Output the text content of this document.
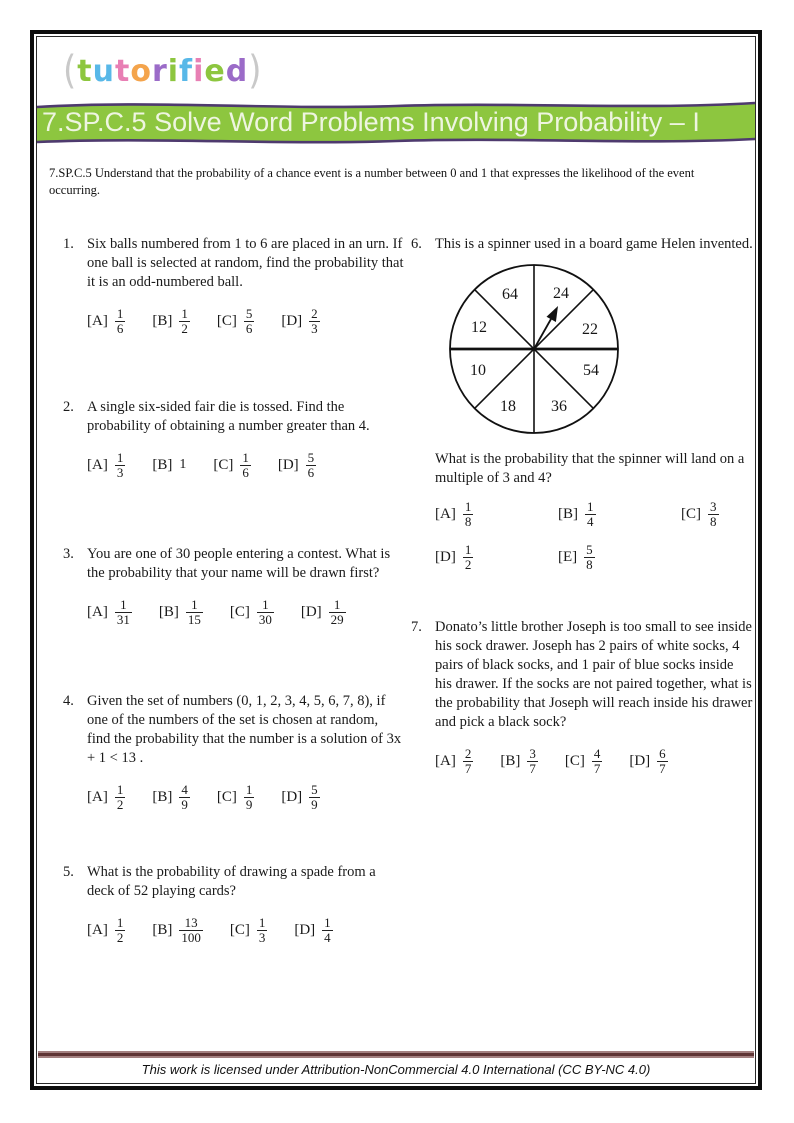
( tutorified )
7.SP.C.5 Solve Word Problems Involving Probability – I

7.SP.C.5 Understand that the probability of a chance event is a number between 0 and 1 that expresses the likelihood of the event occurring.

1. Six balls numbered from 1 to 6 are placed in an urn. If one ball is selected at random, find the probability that it is an odd-numbered ball.

$[A] \frac{1}{6} [B] \frac{1}{2} [C] \frac{5}{6} [D] \frac{2}{3}$
2. A single six-sided fair die is tossed. Find the probability of obtaining a number greater than 4.

$[A] \frac{1}{3} [B]$ 1 $[C] \frac{1}{6} [D] \frac{5}{6}$
3. You are one of 30 people entering a contest. What is the probability that your name will be drawn first?

$[A] \frac{1}{31} [B] \frac{1}{15} [C] \frac{1}{30} [D] \frac{1}{29}$
4. Given the set of numbers (0, 1, 2, 3, 4, 5, 6, 7, 8), if one of the numbers of the set is chosen at random, find the probability that the number is a solution of 3x + 1 < 13 .

$[A] \frac{1}{2} [B] \frac{4}{9} [C] \frac{1}{9} [D] \frac{5}{9}$
5. What is the probability of drawing a spade from a deck of 52 playing cards?

$[A] \frac{1}{2} [B] \frac{13}{100} [C] \frac{1}{3} [D] \frac{1}{4}$
6. This is a spinner used in a board game Helen invented.

64 24
12	22
10	54
18 36

What is the probability that the spinner will land on a multiple of 3 and 4?

$[A] \frac{1}{8}$	$[B] \frac{1}{4}$	$[C] \frac{3}{8}$
$[D] \frac{1}{2}$	$[E] \frac{5}{8}$
7. Donato’s little brother Joseph is too small to see inside his sock drawer. Joseph has 2 pairs of white socks, 4 pairs of black socks, and 1 pair of blue socks inside his drawer. If the socks are not paired together, what is the probability that Joseph will reach inside his drawer and pick a black sock?

$[A] \frac{2}{7} [B] \frac{3}{7} [C] \frac{4}{7} [D] \frac{6}{7}$
This work is licensed under Attribution-NonCommercial 4.0 International (CC BY-NC 4.0)
